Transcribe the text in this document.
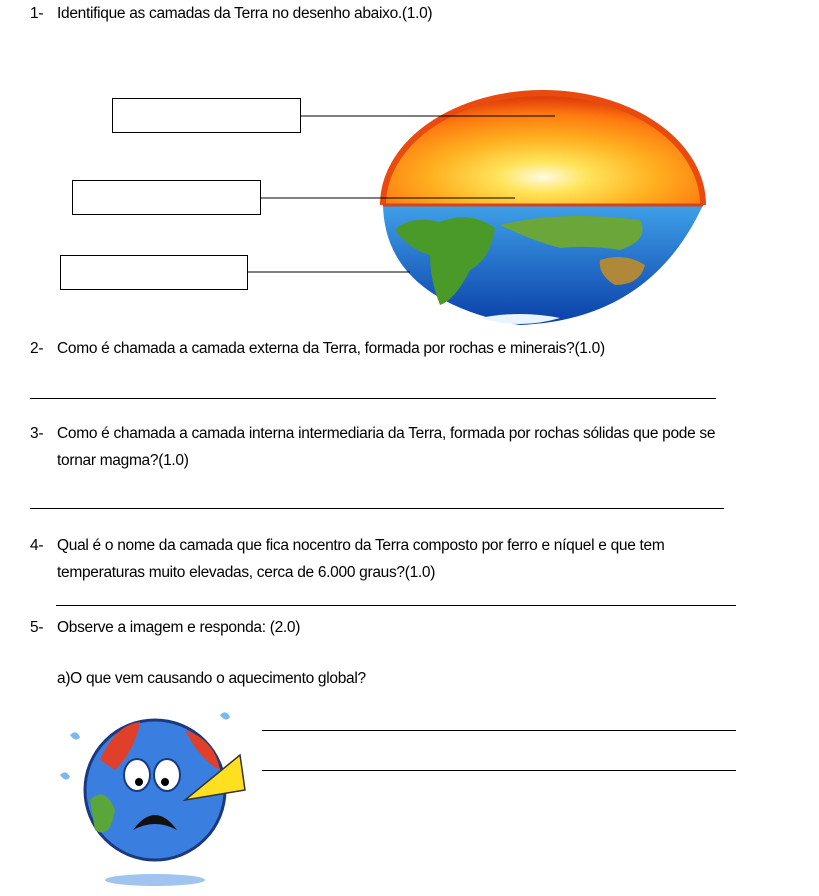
1- Identifique as camadas da Terra no desenho abaixo.(1.0)
2- Como é chamada a camada externa da Terra, formada por rochas e minerais?(1.0)
3- Como é chamada a camada interna intermediaria da Terra, formada por rochas sólidas que pode se
tornar magma?(1.0)
4- Qual é o nome da camada que fica nocentro da Terra composto por ferro e níquel e que tem
temperaturas muito elevadas, cerca de 6.000 graus?(1.0)
5- Observe a imagem e responda: (2.0)
a)O que vem causando o aquecimento global?
